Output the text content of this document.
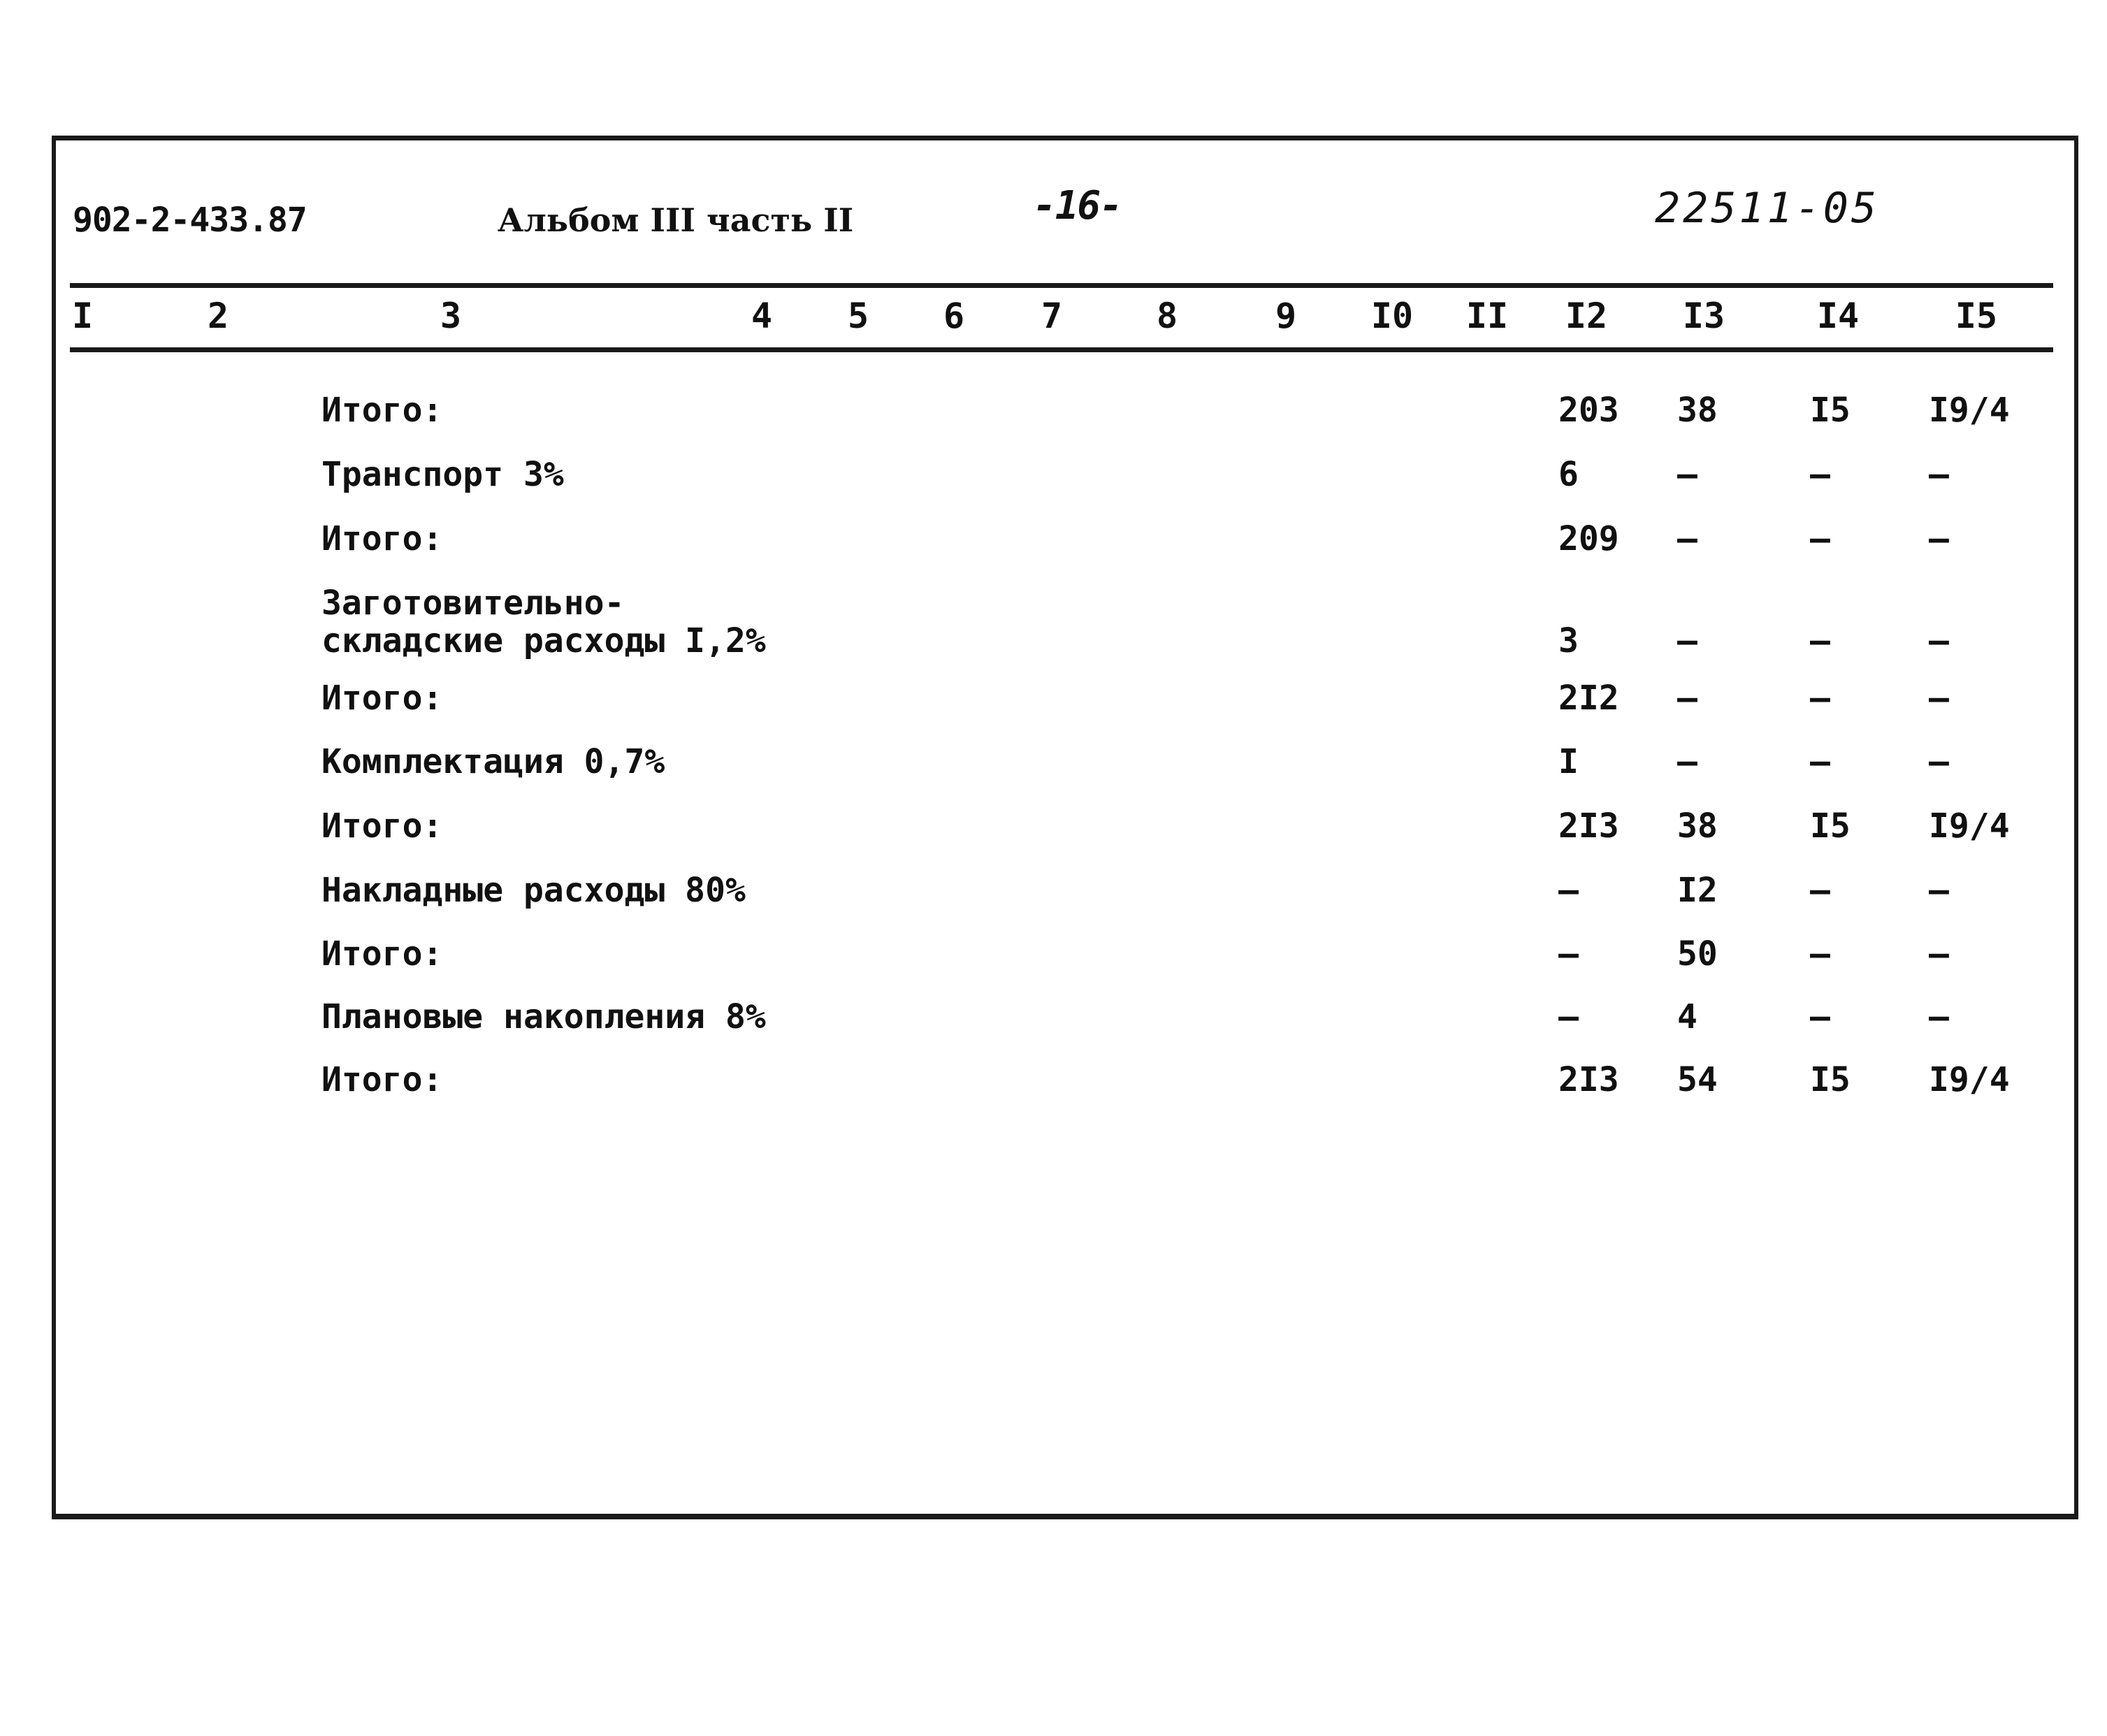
902-2-433.87	Альбом III часть II	-16-	22511-05
I	2	3	4 5 6 7	8	9 I0 II I2 I3	I4	I5
Итого:	203 38	I5 I9/4
Транспорт 3%	6	–	–	–
Итого:	209 –	–	–
Заготовительно-
складские расходы I,2%	3	–	–	–
Итого:	2I2 –	–	–
Комплектация 0,7%	I	–	–	–
Итого:	2I3 38	I5 I9/4
Накладные расходы 80%	–	I2	–	–
Итого:	–	50	–	–
Плановые накопления 8%	–	4	–	–
Итого:	2I3 54	I5 I9/4
